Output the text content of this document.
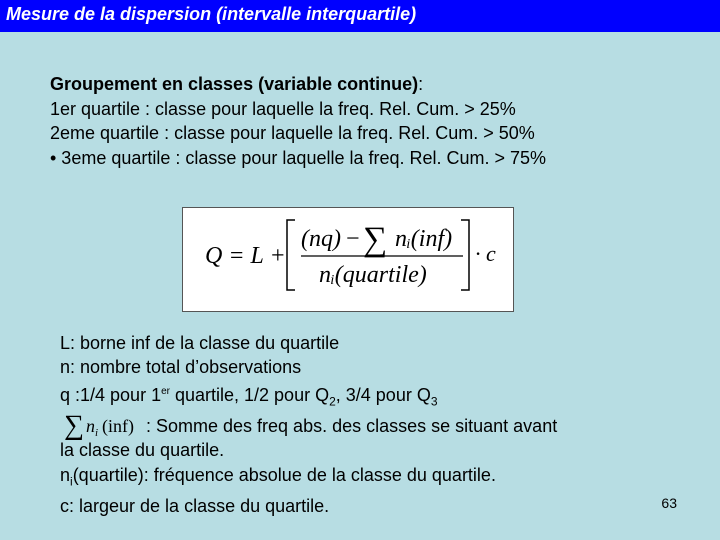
Mesure de la dispersion (intervalle interquartile)
Groupement en classes (variable continue):
1er quartile : classe pour laquelle la freq. Rel. Cum. > 25%
2eme quartile : classe pour laquelle la freq. Rel. Cum. > 50%
• 3eme quartile : classe pour laquelle la freq. Rel. Cum. > 75%
Q = L +
(nq) − ∑ nᵢ(inf)
nᵢ(quartile)
· c
L: borne inf de la classe du quartile
n: nombre total d’observations
q :1/4 pour 1er quartile, 1/2 pour $Q_2$, 3/4 pour $Q_3$
∑ n i (inf) : Somme des freq abs. des classes se situant avant
la classe du quartile.
$n_i(quartile)$: fréquence absolue de la classe du quartile.
c: largeur de la classe du quartile.	63
